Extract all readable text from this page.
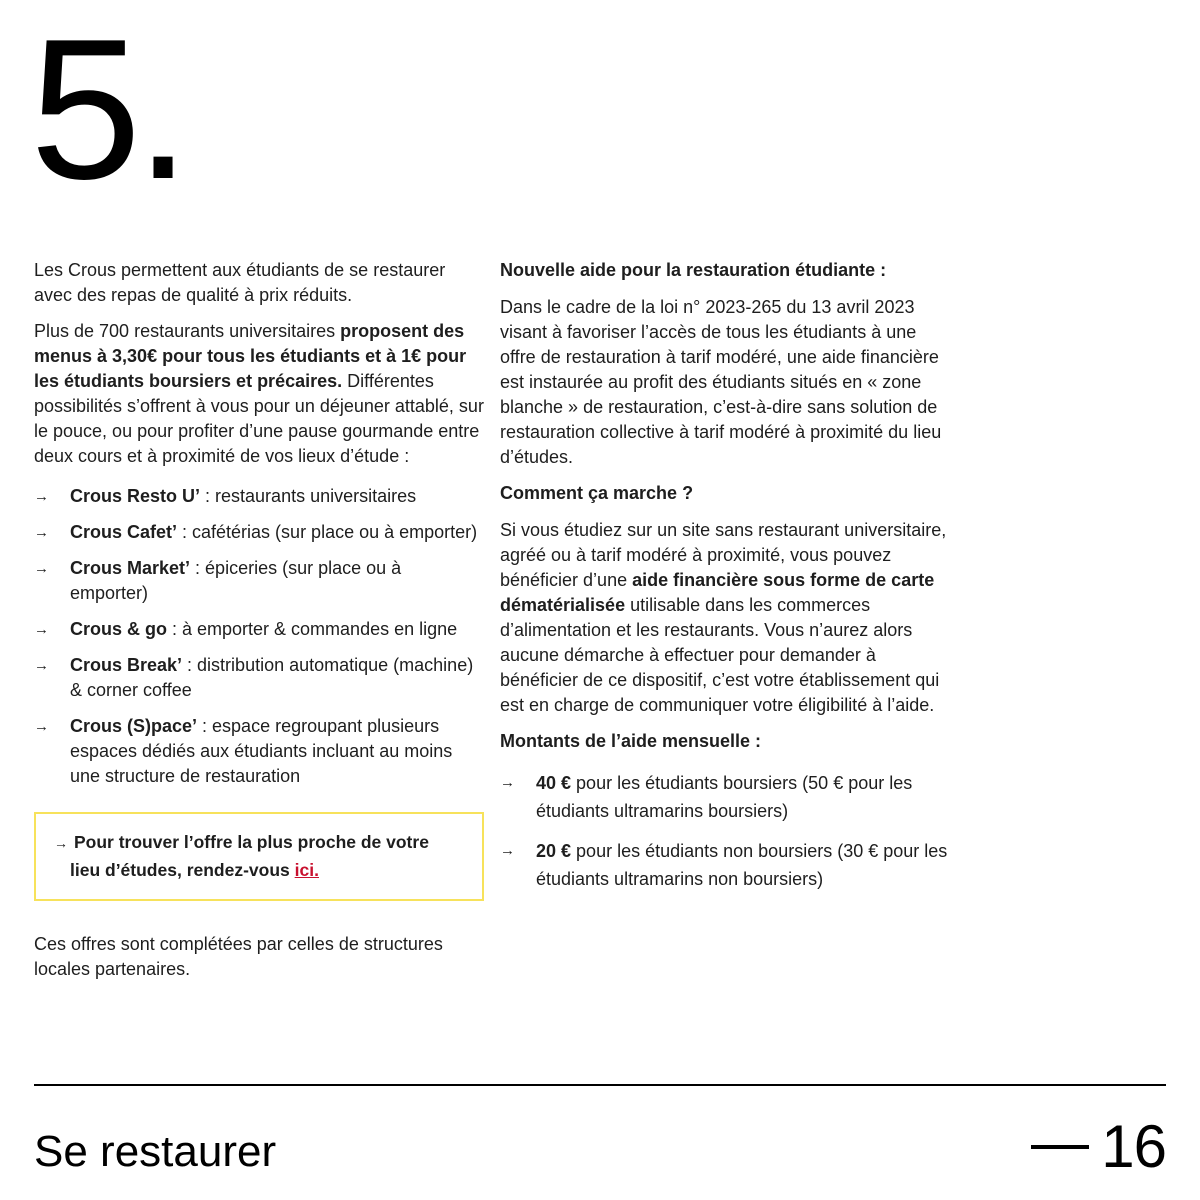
5.

Les Crous permettent aux étudiants de se restaurer avec des repas de qualité à prix réduits.

Plus de 700 restaurants universitaires proposent des menus à 3,30€ pour tous les étudiants et à 1€ pour les étudiants boursiers et précaires. Différentes possibilités s’offrent à vous pour un déjeuner attablé, sur le pouce, ou pour profiter d’une pause gourmande entre deux cours et à proximité de vos lieux d’étude :

→ Crous Resto U’ : restaurants universitaires
→ Crous Cafet’ : cafétérias (sur place ou à emporter)
→ Crous Market’ : épiceries (sur place ou à emporter)
→ Crous & go : à emporter & commandes en ligne
→ Crous Break’ : distribution automatique (machine) & corner coffee
→ Crous (S)pace’ : espace regroupant plusieurs espaces dédiés aux étudiants incluant au moins une structure de restauration
→ Pour trouver l’offre la plus proche de votre
lieu d’études, rendez-vous ici.

Ces offres sont complétées par celles de structures locales partenaires.

Nouvelle aide pour la restauration étudiante :

Dans le cadre de la loi n° 2023-265 du 13 avril 2023 visant à favoriser l’accès de tous les étudiants à une offre de restauration à tarif modéré, une aide financière est instaurée au profit des étudiants situés en « zone blanche » de restauration, c’est-à-dire sans solution de restauration collective à tarif modéré à proximité du lieu d’études.

Comment ça marche ?

Si vous étudiez sur un site sans restaurant universitaire, agréé ou à tarif modéré à proximité, vous pouvez bénéficier d’une aide financière sous forme de carte dématérialisée utilisable dans les commerces d’alimentation et les restaurants. Vous n’aurez alors aucune démarche à effectuer pour demander à bénéficier de ce dispositif, c’est votre établissement qui est en charge de communiquer votre éligibilité à l’aide.

Montants de l’aide mensuelle :

→ 40 € pour les étudiants boursiers (50 € pour les étudiants ultramarins boursiers)
→ 20 € pour les étudiants non boursiers (30 € pour les étudiants ultramarins non boursiers)
Se restaurer	16
